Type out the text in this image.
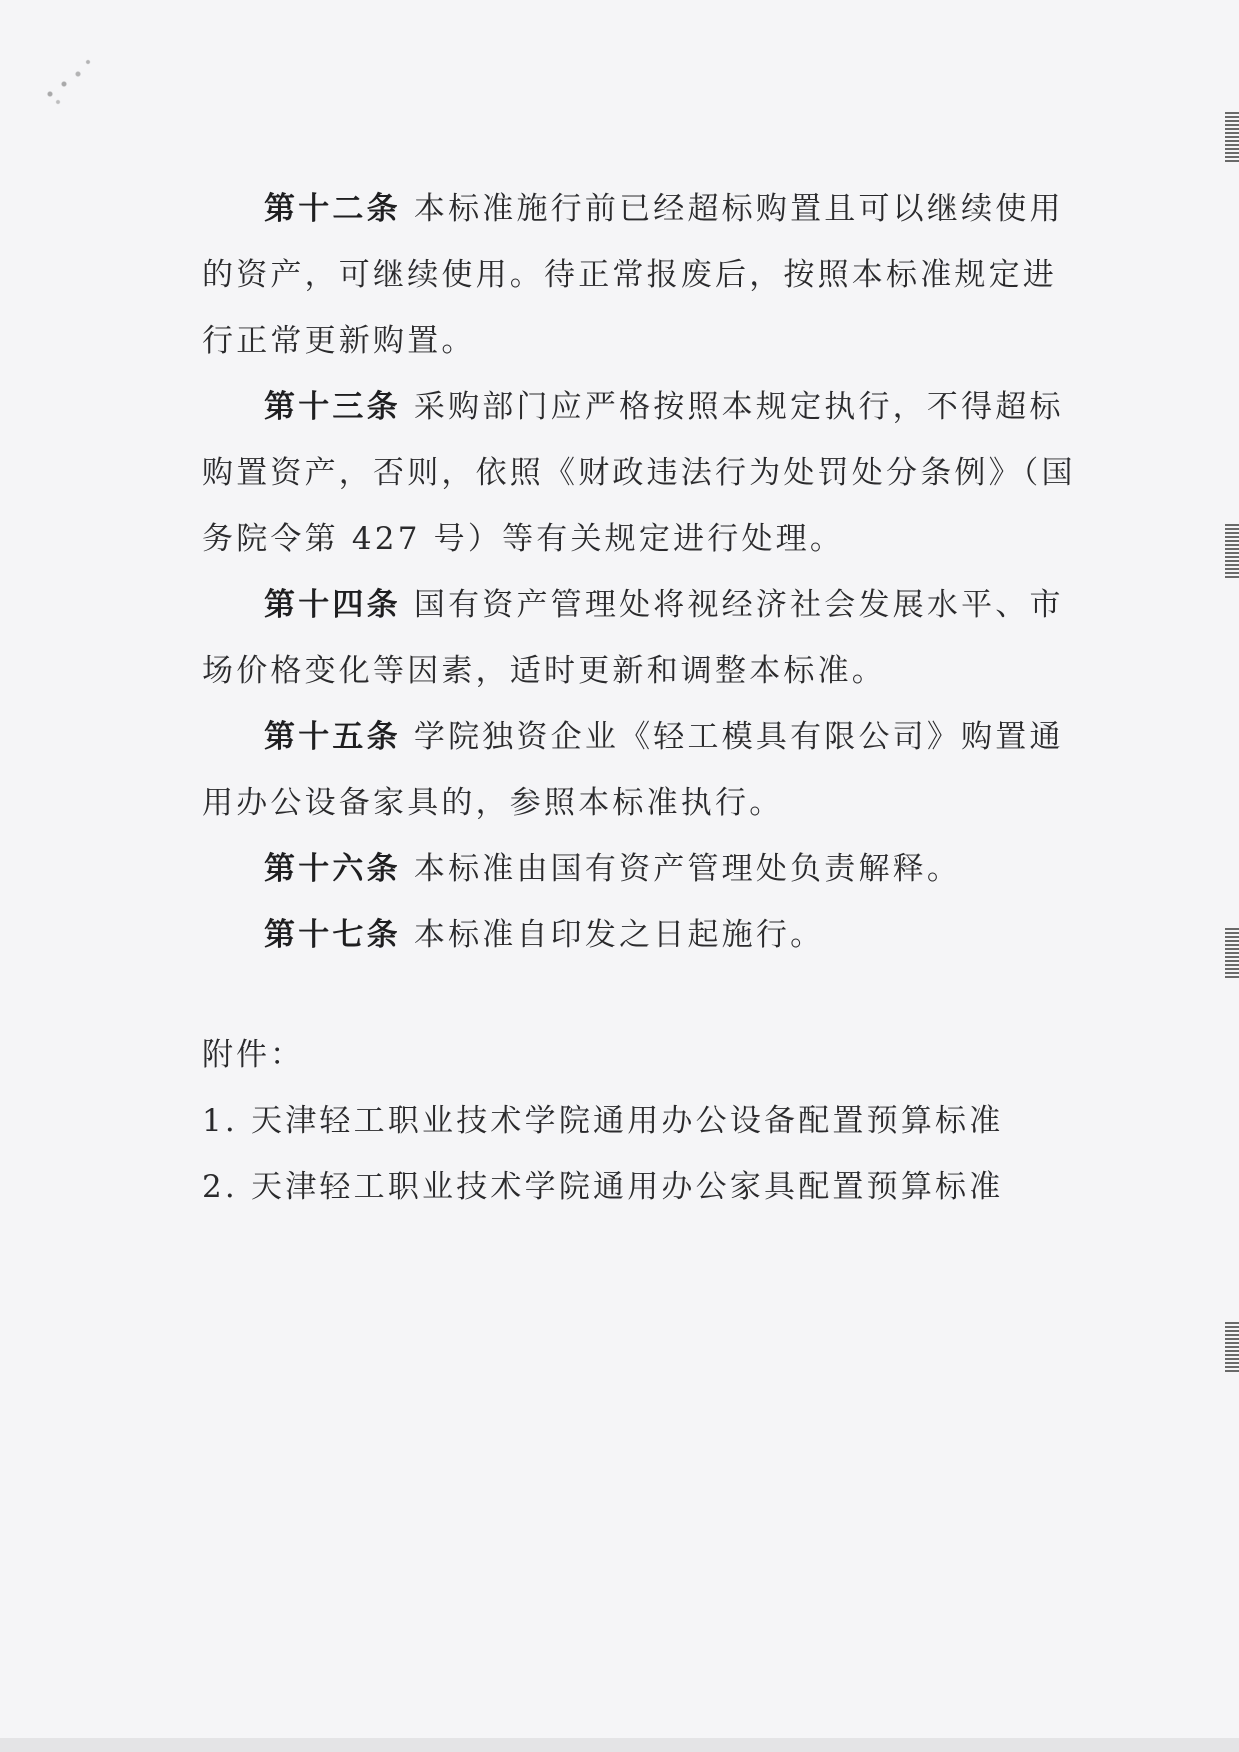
第十二条 本标准施行前已经超标购置且可以继续使用
的资产，可继续使用。待正常报废后，按照本标准规定进
行正常更新购置。
第十三条 采购部门应严格按照本规定执行，不得超标
购置资产，否则，依照《财政违法行为处罚处分条例》（国
务院令第 427 号）等有关规定进行处理。
第十四条 国有资产管理处将视经济社会发展水平、市
场价格变化等因素，适时更新和调整本标准。
第十五条 学院独资企业《轻工模具有限公司》购置通
用办公设备家具的，参照本标准执行。
第十六条 本标准由国有资产管理处负责解释。
第十七条 本标准自印发之日起施行。
附件：
1. 天津轻工职业技术学院通用办公设备配置预算标准
2. 天津轻工职业技术学院通用办公家具配置预算标准
